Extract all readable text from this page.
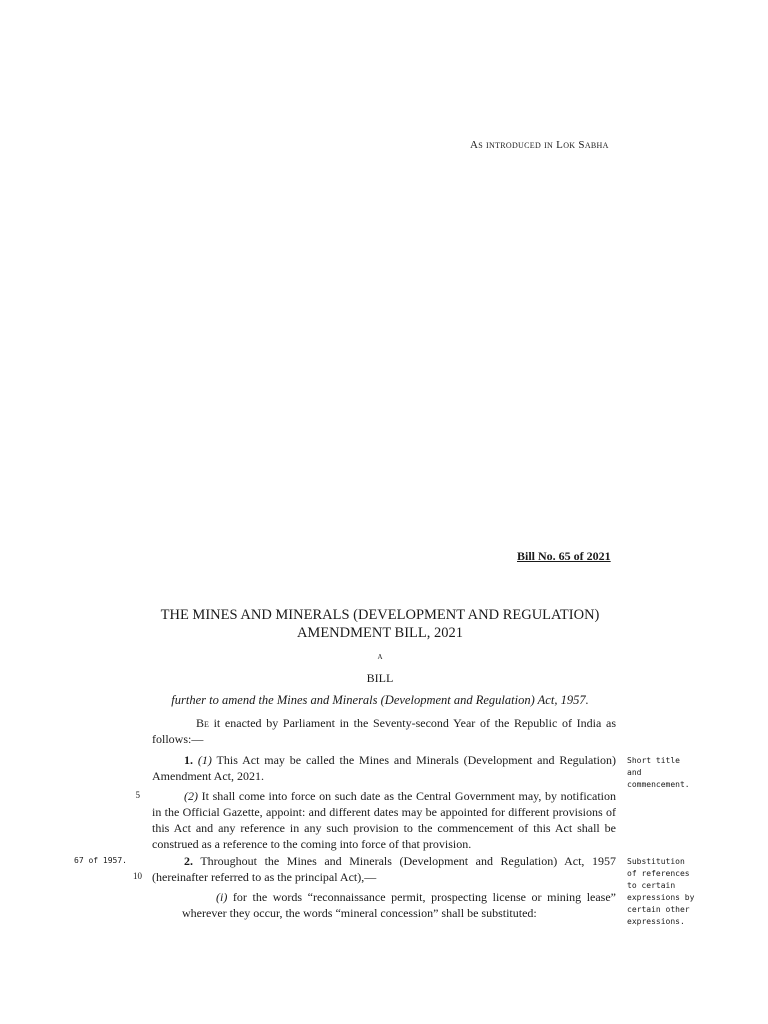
As introduced in Lok Sabha
Bill No. 65 of 2021
THE MINES AND MINERALS (DEVELOPMENT AND REGULATION)
AMENDMENT BILL, 2021
A
BILL
further to amend the Mines and Minerals (Development and Regulation) Act, 1957.
Be it enacted by Parliament in the Seventy-second Year of the Republic of India as follows:—
1. (1) This Act may be called the Mines and Minerals (Development and Regulation) Amendment Act, 2021.
Short title and commencement.
5	(2) It shall come into force on such date as the Central Government may, by notification in the Official Gazette, appoint: and different dates may be appointed for different provisions of this Act and any reference in any such provision to the commencement of this Act shall be construed as a reference to the coming into force of that provision.
67 of 1957.
10
2. Throughout the Mines and Minerals (Development and Regulation) Act, 1957 (hereinafter referred to as the principal Act),—
Substitution of references to certain expressions by certain other expressions.
(i) for the words “reconnaissance permit, prospecting license or mining lease” wherever they occur, the words “mineral concession” shall be substituted:
